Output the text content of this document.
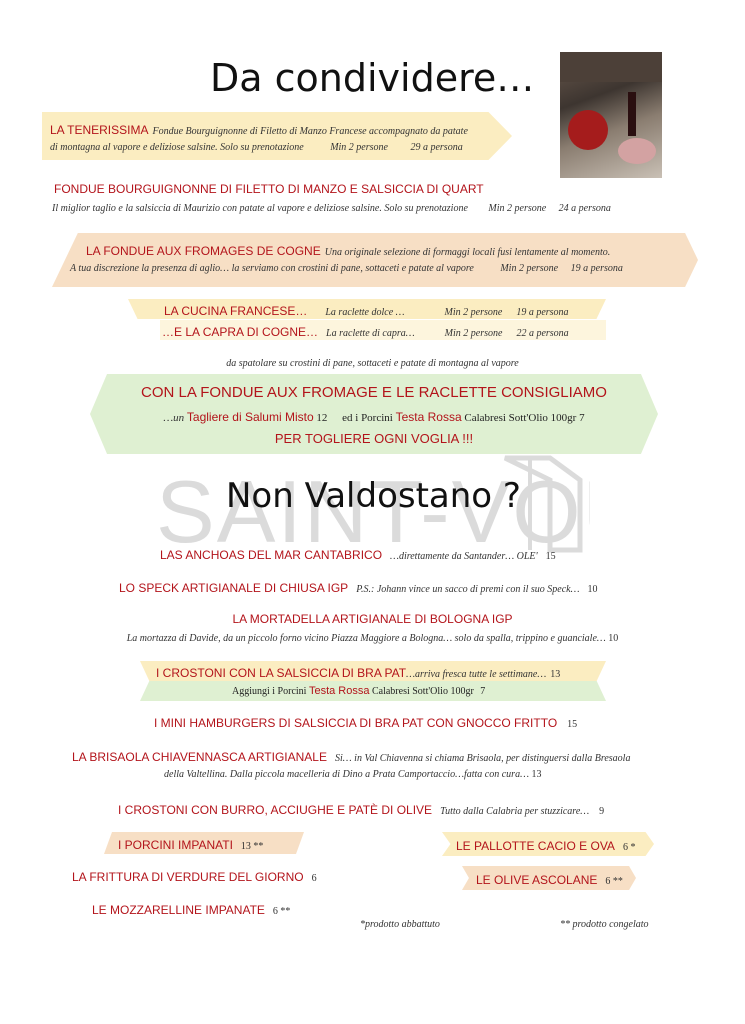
Da condividere…
LA TENERISSIMA Fondue Bourguignonne di Filetto di Manzo Francese accompagnato da patate
di montagna al vapore e deliziose salsine. Solo su prenotazione	Min 2 persone 29 a persona
FONDUE BOURGUIGNONNE DI FILETTO DI MANZO E SALSICCIA DI QUART
Il miglior taglio e la salsiccia di Maurizio con patate al vapore e deliziose salsine. Solo su prenotazione Min 2 persone 24 a persona
LA FONDUE AUX FROMAGES DE COGNE Una originale selezione di formaggi locali fusi lentamente al momento.
A tua discrezione la presenza di aglio… la serviamo con crostini di pane, sottaceti e patate al vapore	Min 2 persone 19 a persona
LA CUCINA FRANCESE… La raclette dolce …	Min 2 persone 19 a persona
…E LA CAPRA DI COGNE… La raclette di capra…	Min 2 persone 22 a persona
da spatolare su crostini di pane, sottaceti e patate di montagna al vapore
CON LA FONDUE AUX FROMAGE E LE RACLETTE CONSIGLIAMO
…un Tagliere di Salumi Misto 12 ed i Porcini Testa Rossa Calabresi Sott'Olio 100gr 7
PER TOGLIERE OGNI VOGLIA !!!
SAINT-VO
Non Valdostano ?
LAS ANCHOAS DEL MAR CANTABRICO …direttamente da Santander… OLE' 15
LO SPECK ARTIGIANALE DI CHIUSA IGP P.S.: Johann vince un sacco di premi con il suo Speck… 10
LA MORTADELLA ARTIGIANALE DI BOLOGNA IGP
La mortazza di Davide, da un piccolo forno vicino Piazza Maggiore a Bologna… solo da spalla, trippino e guanciale… 10
I CROSTONI CON LA SALSICCIA DI BRA PAT…arriva fresca tutte le settimane… 13
Aggiungi i Porcini Testa Rossa Calabresi Sott'Olio 100gr 7
I MINI HAMBURGERS DI SALSICCIA DI BRA PAT CON GNOCCO FRITTO 15
LA BRISAOLA CHIAVENNASCA ARTIGIANALE Si… in Val Chiavenna si chiama Brisaola, per distinguersi dalla Bresaola
della Valtellina. Dalla piccola macelleria di Dino a Prata Camportaccio…fatta con cura… 13
I CROSTONI CON BURRO, ACCIUGHE E PATÈ DI OLIVE Tutto dalla Calabria per stuzzicare… 9
I PORCINI IMPANATI 13 **
LA FRITTURA DI VERDURE DEL GIORNO 6
LE MOZZARELLINE IMPANATE 6 **
LE PALLOTTE CACIO E OVA 6 *
LE OLIVE ASCOLANE 6 **
*prodotto abbattuto	** prodotto congelato
